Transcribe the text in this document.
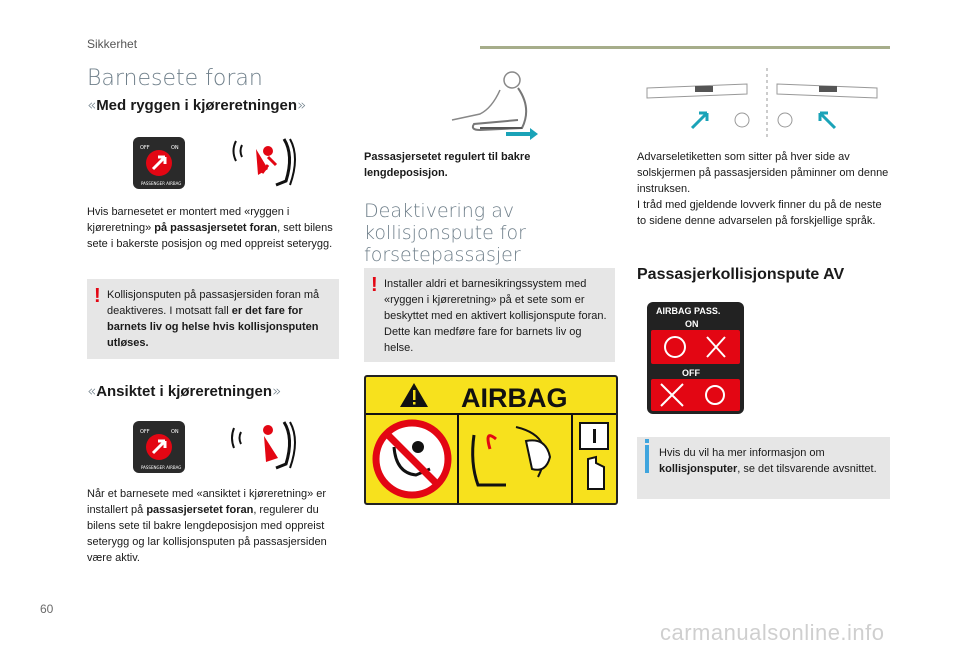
Sikkerhet
60
carmanualsonline.info
Barnesete foran
«Med ryggen i kjøreretningen»
OFF	ON
PASSENGER AIRBAG

Hvis barnesetet er montert med «ryggen i kjøreretning» på passasjersetet foran, sett bilens sete i bakerste posisjon og med oppreist seterygg.

! Kollisjonsputen på passasjersiden foran må deaktiveres. I motsatt fall er det fare for barnets liv og helse hvis kollisjonsputen utløses.

«Ansiktet i kjøreretningen»
OFF	ON
PASSENGER AIRBAG

Når et barnesete med «ansiktet i kjøreretning» er installert på passasjersetet foran, regulerer du bilens sete til bakre lengdeposisjon med oppreist seterygg og lar kollisjonsputen på passasjersiden være aktiv.

Passasjersetet regulert til bakre lengdeposisjon.

Deaktivering av kollisjonspute for forsetepassasjer
! Installer aldri et barnesikringssystem med «ryggen i kjøreretning» på et sete som er beskyttet med en aktivert kollisjonspute foran. Dette kan medføre fare for barnets liv og helse.

AIRBAG

Advarseletiketten som sitter på hver side av solskjermen på passasjersiden påminner om denne instruksen.

I tråd med gjeldende lovverk finner du på de neste to sidene denne advarselen på forskjellige språk.

Passasjerkollisjonspute AV
AIRBAG PASS.
ON
OFF

Hvis du vil ha mer informasjon om kollisjonsputer, se det tilsvarende avsnittet.
